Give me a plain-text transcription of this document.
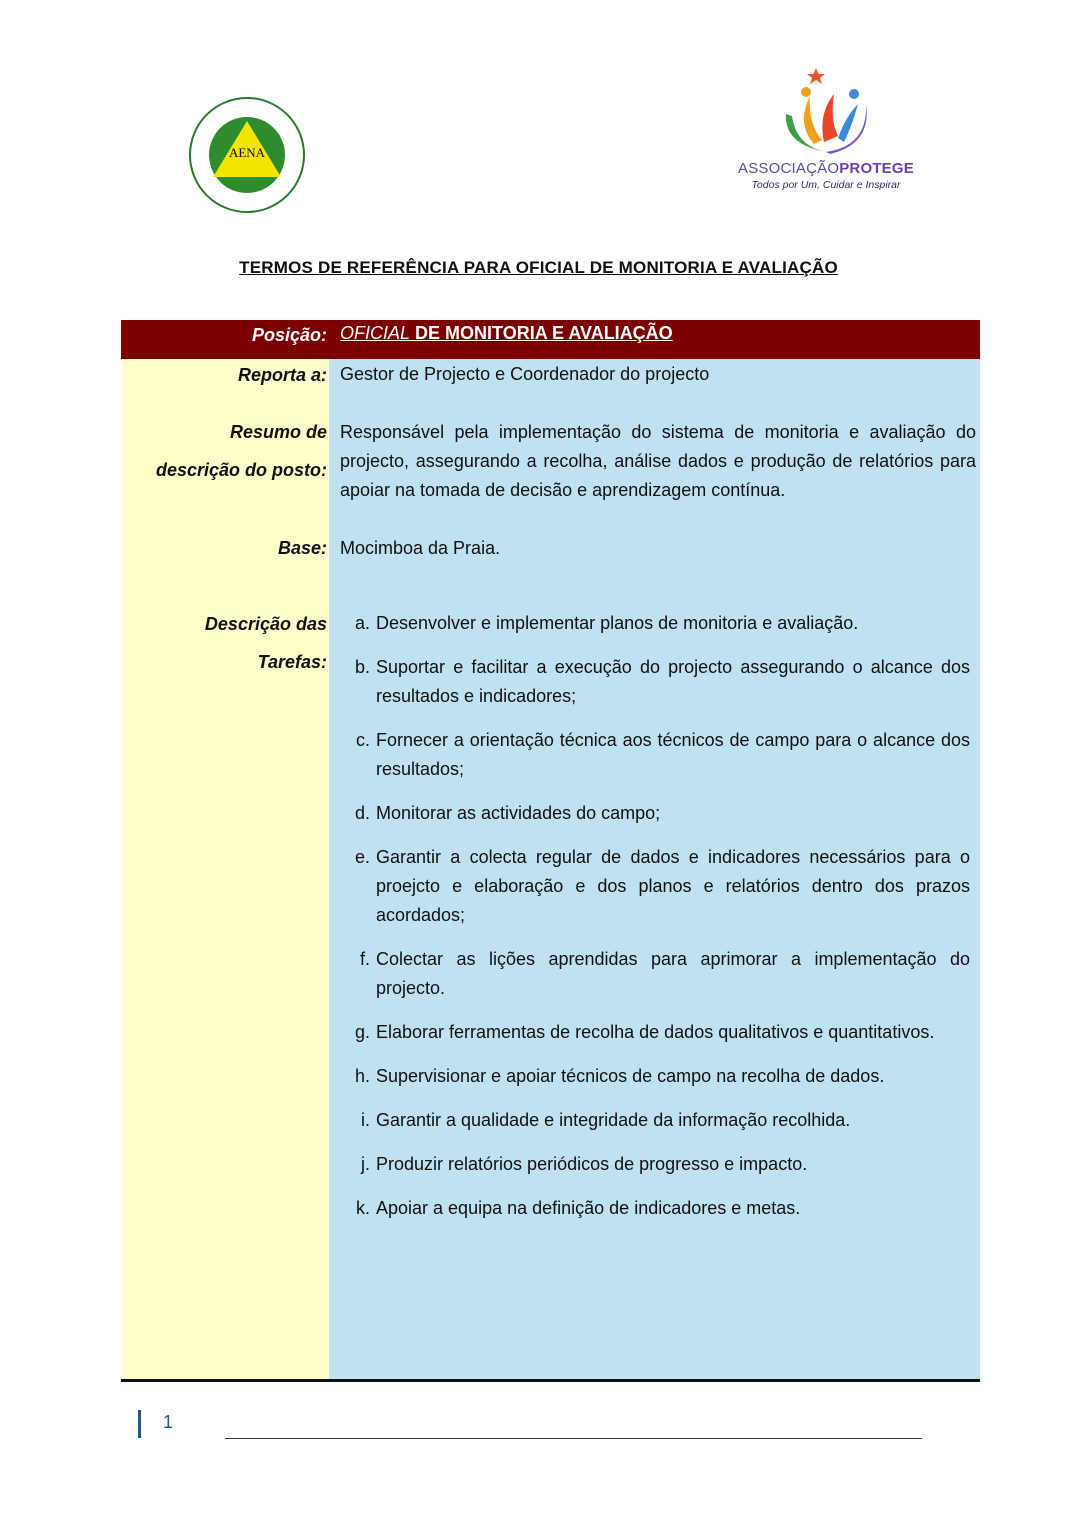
AENA
ASSOCIAÇÃOPROTEGE
Todos por Um, Cuidar e Inspirar
TERMOS DE REFERÊNCIA PARA OFICIAL DE MONITORIA E AVALIAÇÃO
Posição: OFICIAL DE MONITORIA E AVALIAÇÃO
Reporta a: Gestor de Projecto e Coordenador do projecto
Resumo de
descrição do posto:
Responsável pela implementação do sistema de monitoria e avaliação do projecto, assegurando a recolha, análise dados e produção de relatórios para apoiar na tomada de decisão e aprendizagem contínua.
Base: Mocimboa da Praia.
Descrição das
Tarefas:
a. Desenvolver e implementar planos de monitoria e avaliação.
b. Suportar e facilitar a execução do projecto assegurando o alcance dos resultados e indicadores;
c. Fornecer a orientação técnica aos técnicos de campo para o alcance dos resultados;
d. Monitorar as actividades do campo;
e. Garantir a colecta regular de dados e indicadores necessários para o proejcto e elaboração e dos planos e relatórios dentro dos prazos acordados;
f. Colectar as lições aprendidas para aprimorar a implementação do projecto.
g. Elaborar ferramentas de recolha de dados qualitativos e quantitativos.
h. Supervisionar e apoiar técnicos de campo na recolha de dados.
i. Garantir a qualidade e integridade da informação recolhida.
j. Produzir relatórios periódicos de progresso e impacto.
k. Apoiar a equipa na definição de indicadores e metas.
1
